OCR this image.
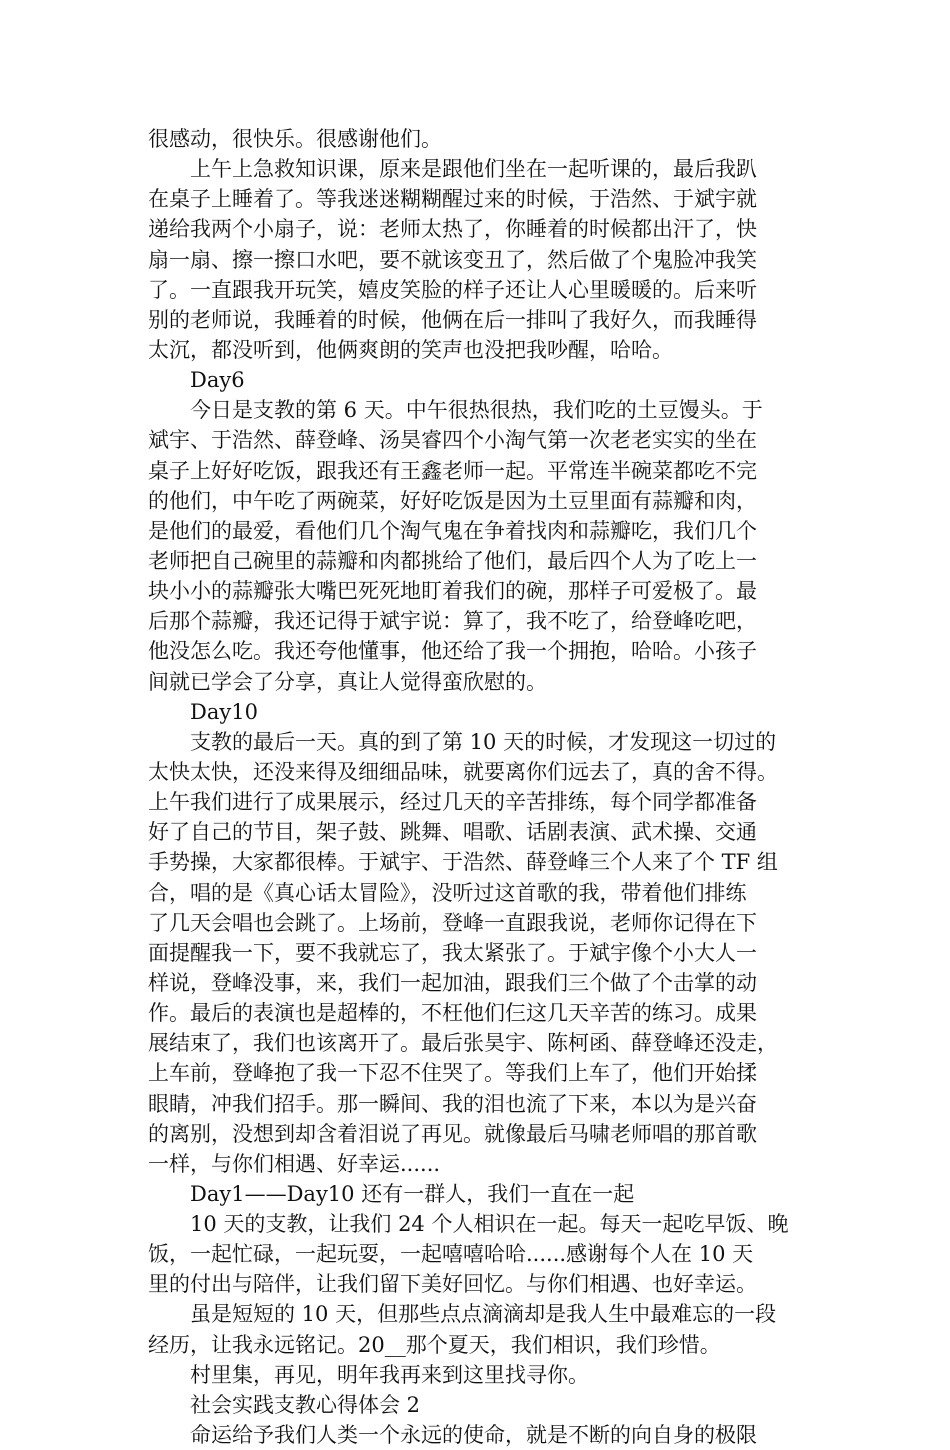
很感动，很快乐。很感谢他们。
上午上急救知识课，原来是跟他们坐在一起听课的，最后我趴
在桌子上睡着了。等我迷迷糊糊醒过来的时候，于浩然、于斌宇就
递给我两个小扇子，说：老师太热了，你睡着的时候都出汗了，快
扇一扇、擦一擦口水吧，要不就该变丑了，然后做了个鬼脸冲我笑
了。一直跟我开玩笑，嬉皮笑脸的样子还让人心里暖暖的。后来听
别的老师说，我睡着的时候，他俩在后一排叫了我好久，而我睡得
太沉，都没听到，他俩爽朗的笑声也没把我吵醒，哈哈。
Day6
今日是支教的第 6 天。中午很热很热，我们吃的土豆馒头。于
斌宇、于浩然、薛登峰、汤昊睿四个小淘气第一次老老实实的坐在
桌子上好好吃饭，跟我还有王鑫老师一起。平常连半碗菜都吃不完
的他们，中午吃了两碗菜，好好吃饭是因为土豆里面有蒜瓣和肉，
是他们的最爱，看他们几个淘气鬼在争着找肉和蒜瓣吃，我们几个
老师把自己碗里的蒜瓣和肉都挑给了他们，最后四个人为了吃上一
块小小的蒜瓣张大嘴巴死死地盯着我们的碗，那样子可爱极了。最
后那个蒜瓣，我还记得于斌宇说：算了，我不吃了，给登峰吃吧，
他没怎么吃。我还夸他懂事，他还给了我一个拥抱，哈哈。小孩子
间就已学会了分享，真让人觉得蛮欣慰的。
Day10
支教的最后一天。真的到了第 10 天的时候，才发现这一切过的
太快太快，还没来得及细细品味，就要离你们远去了，真的舍不得。
上午我们进行了成果展示，经过几天的辛苦排练，每个同学都准备
好了自己的节目，架子鼓、跳舞、唱歌、话剧表演、武术操、交通
手势操，大家都很棒。于斌宇、于浩然、薛登峰三个人来了个 TF 组
合，唱的是《真心话太冒险》，没听过这首歌的我，带着他们排练
了几天会唱也会跳了。上场前，登峰一直跟我说，老师你记得在下
面提醒我一下，要不我就忘了，我太紧张了。于斌宇像个小大人一
样说，登峰没事，来，我们一起加油，跟我们三个做了个击掌的动
作。最后的表演也是超棒的，不枉他们仨这几天辛苦的练习。成果
展结束了，我们也该离开了。最后张昊宇、陈柯函、薛登峰还没走，
上车前，登峰抱了我一下忍不住哭了。等我们上车了，他们开始揉
眼睛，冲我们招手。那一瞬间、我的泪也流了下来，本以为是兴奋
的离别，没想到却含着泪说了再见。就像最后马啸老师唱的那首歌
一样，与你们相遇、好幸运......
Day1——Day10 还有一群人，我们一直在一起
10 天的支教，让我们 24 个人相识在一起。每天一起吃早饭、晚
饭，一起忙碌，一起玩耍，一起嘻嘻哈哈......感谢每个人在 10 天
里的付出与陪伴，让我们留下美好回忆。与你们相遇、也好幸运。
虽是短短的 10 天，但那些点点滴滴却是我人生中最难忘的一段
经历，让我永远铭记。20__那个夏天，我们相识，我们珍惜。
村里集，再见，明年我再来到这里找寻你。
社会实践支教心得体会 2
命运给予我们人类一个永远的使命，就是不断的向自身的极限
